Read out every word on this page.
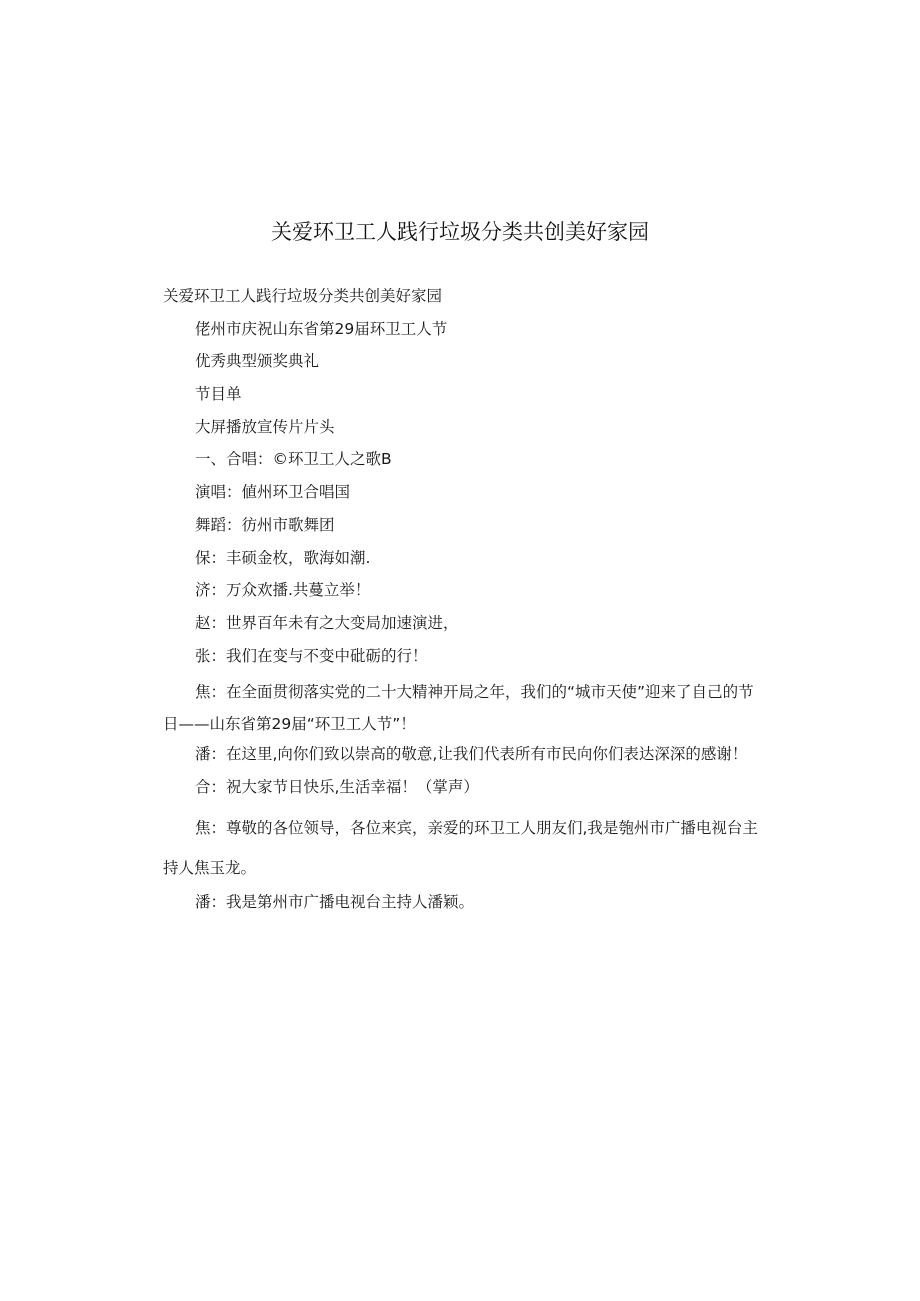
关爱环卫工人践行垃圾分类共创美好家园

关爱环卫工人践行垃圾分类共创美好家园

佬州市庆祝山东省第29届环卫工人节

优秀典型颁奖典礼

节目单

大屏播放宣传片片头

一、合唱：©环卫工人之歌B

演唱：値州环卫合唱国

舞蹈：彷州市歌舞团

保：丰硕金枚，歌海如潮.

济：万众欢播.共蔓立举！

赵：世界百年未有之大变局加速演进，

张：我们在变与不变中砒砺的行！

焦：在全面贯彻落实党的二十大精神开局之年，我们的“城市天使”迎来了自己的节日——山东省第29届“环卫工人节”！

潘：在这里,向你们致以崇高的敬意,让我们代表所有市民向你们表达深深的感谢！

合：祝大家节日快乐,生活幸福！（掌声）

焦：尊敬的各位领导，各位来宾，亲爱的环卫工人朋友们,我是匏州市广播电视台主持人焦玉龙。

潘：我是第州市广播电视台主持人潘颖。
